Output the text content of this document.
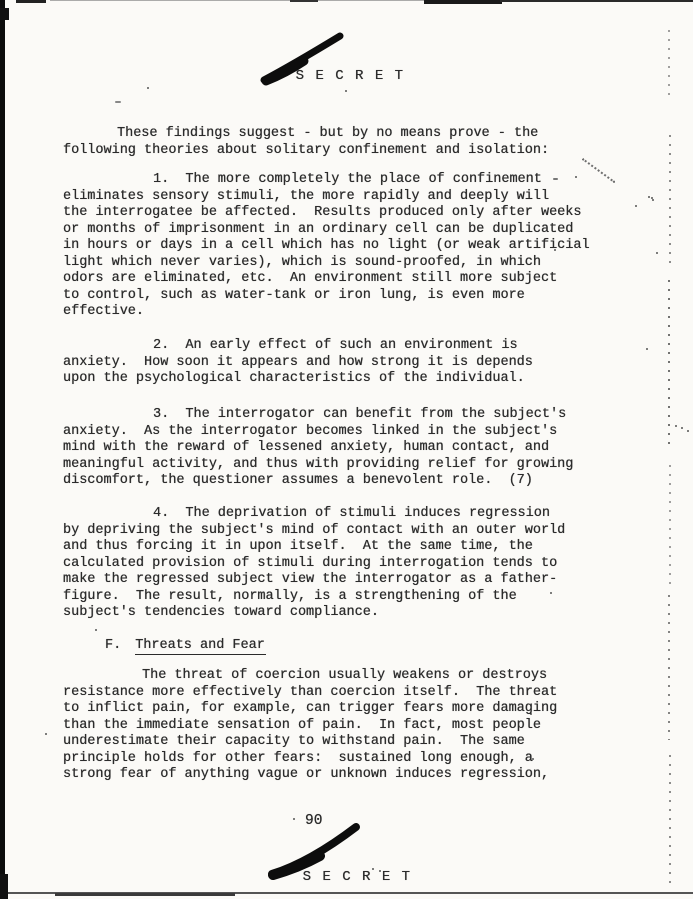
S E C R E T

These findings suggest - but by no means prove - the
following theories about solitary confinement and isolation:
1.  The more completely the place of confinement
eliminates sensory stimuli, the more rapidly and deeply will
the interrogatee be affected.  Results produced only after weeks
or months of imprisonment in an ordinary cell can be duplicated
in hours or days in a cell which has no light (or weak artificial
light which never varies), which is sound-proofed, in which
odors are eliminated, etc.  An environment still more subject
to control, such as water-tank or iron lung, is even more
effective.
2.  An early effect of such an environment is
anxiety.  How soon it appears and how strong it is depends
upon the psychological characteristics of the individual.
3.  The interrogator can benefit from the subject's
anxiety.  As the interrogator becomes linked in the subject's
mind with the reward of lessened anxiety, human contact, and
meaningful activity, and thus with providing relief for growing
discomfort, the questioner assumes a benevolent role.  (7)
4.  The deprivation of stimuli induces regression
by depriving the subject's mind of contact with an outer world
and thus forcing it in upon itself.  At the same time, the
calculated provision of stimuli during interrogation tends to
make the regressed subject view the interrogator as a father-
figure.  The result, normally, is a strengthening of the
subject's tendencies toward compliance.
F. Threats and Fear
The threat of coercion usually weakens or destroys
resistance more effectively than coercion itself.  The threat
to inflict pain, for example, can trigger fears more damaging
than the immediate sensation of pain.  In fact, most people
underestimate their capacity to withstand pain.  The same
principle holds for other fears:  sustained long enough, a
strong fear of anything vague or unknown induces regression,
90

S E C R E T
